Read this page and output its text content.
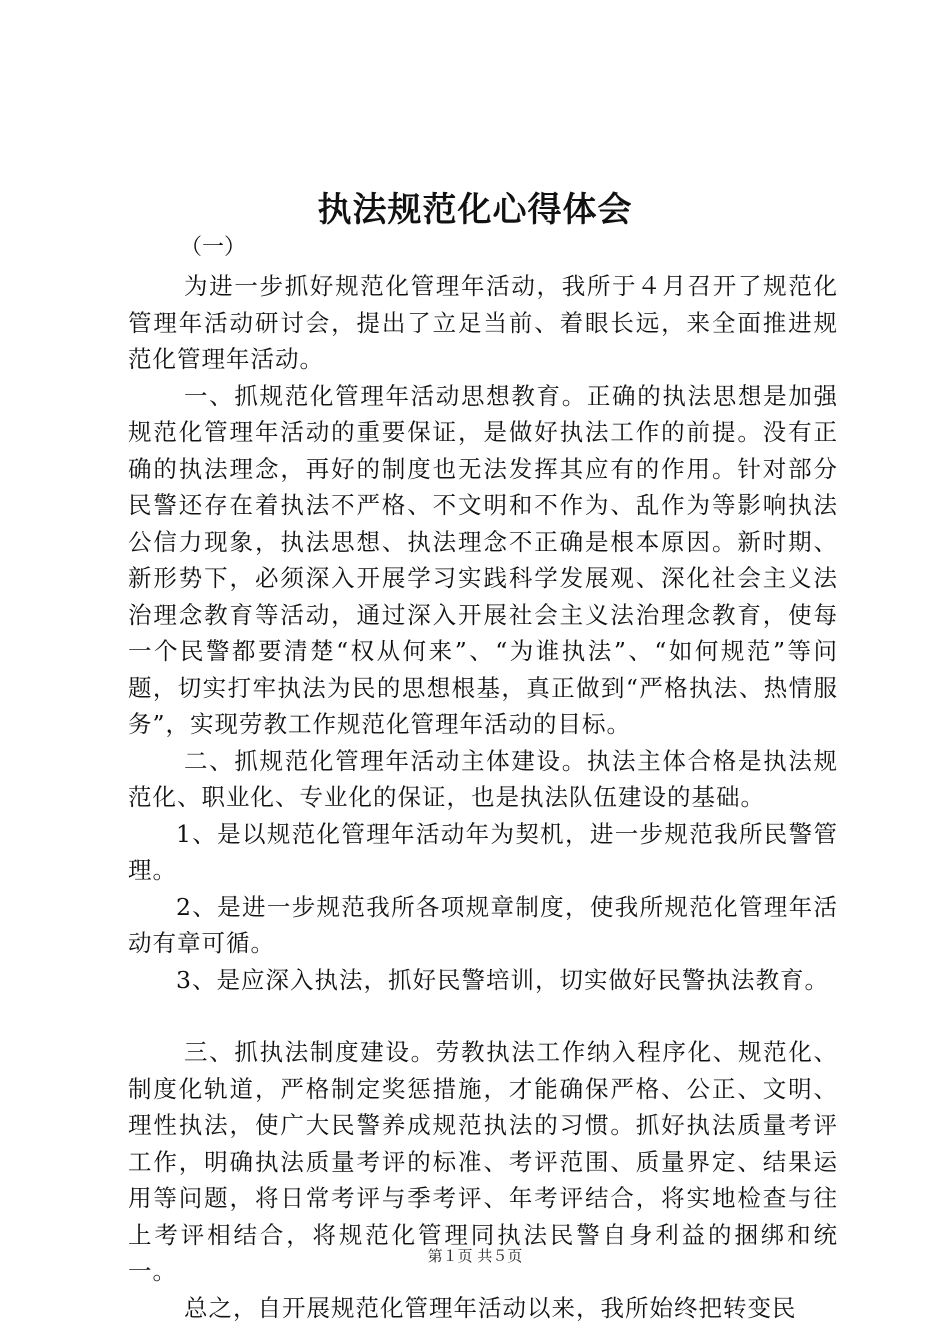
执法规范化心得体会
（一）

为进一步抓好规范化管理年活动，我所于４月召开了规范化管理年活动研讨会，提出了立足当前、着眼长远，来全面推进规范化管理年活动。

一、抓规范化管理年活动思想教育。正确的执法思想是加强规范化管理年活动的重要保证，是做好执法工作的前提。没有正确的执法理念，再好的制度也无法发挥其应有的作用。针对部分民警还存在着执法不严格、不文明和不作为、乱作为等影响执法公信力现象，执法思想、执法理念不正确是根本原因。新时期、新形势下，必须深入开展学习实践科学发展观、深化社会主义法治理念教育等活动，通过深入开展社会主义法治理念教育，使每一个民警都要清楚“权从何来”、“为谁执法”、“如何规范”等问题，切实打牢执法为民的思想根基，真正做到“严格执法、热情服务”，实现劳教工作规范化管理年活动的目标。

二、抓规范化管理年活动主体建设。执法主体合格是执法规范化、职业化、专业化的保证，也是执法队伍建设的基础。

1、是以规范化管理年活动年为契机，进一步规范我所民警管理。

2、是进一步规范我所各项规章制度，使我所规范化管理年活动有章可循。

3、是应深入执法，抓好民警培训，切实做好民警执法教育。

三、抓执法制度建设。劳教执法工作纳入程序化、规范化、制度化轨道，严格制定奖惩措施，才能确保严格、公正、文明、理性执法，使广大民警养成规范执法的习惯。抓好执法质量考评工作，明确执法质量考评的标准、考评范围、质量界定、结果运用等问题，将日常考评与季考评、年考评结合，将实地检查与往上考评相结合，将规范化管理同执法民警自身利益的捆绑和统一。

总之，自开展规范化管理年活动以来，我所始终把转变民

第１页 共５页
